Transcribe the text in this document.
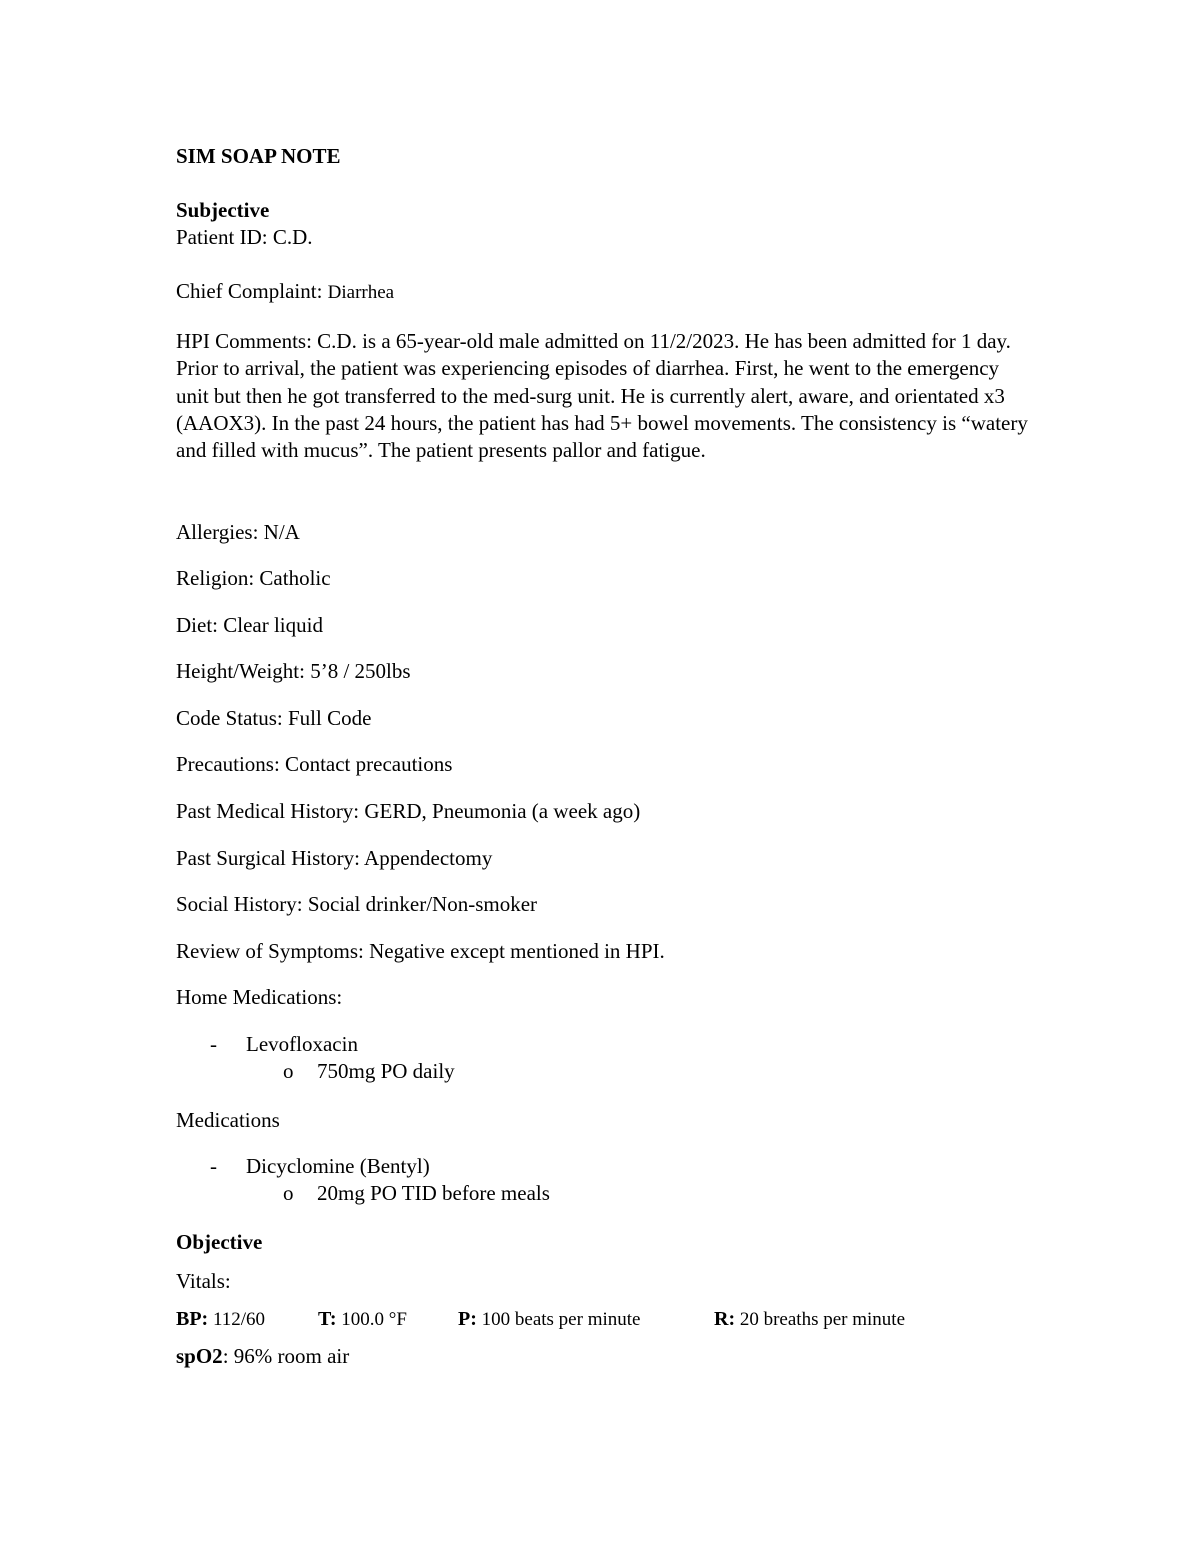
SIM SOAP NOTE
Subjective
Patient ID: C.D.
Chief Complaint: Diarrhea
HPI Comments: C.D. is a 65-year-old male admitted on 11/2/2023. He has been admitted for 1 day. Prior to arrival, the patient was experiencing episodes of diarrhea. First, he went to the emergency unit but then he got transferred to the med-surg unit. He is currently alert, aware, and orientated x3 (AAOX3). In the past 24 hours, the patient has had 5+ bowel movements. The consistency is “watery and filled with mucus”. The patient presents pallor and fatigue.
Allergies: N/A
Religion: Catholic
Diet: Clear liquid
Height/Weight: 5’8 / 250lbs
Code Status: Full Code
Precautions: Contact precautions
Past Medical History: GERD, Pneumonia (a week ago)
Past Surgical History: Appendectomy
Social History: Social drinker/Non-smoker
Review of Symptoms: Negative except mentioned in HPI.
Home Medications:
- Levofloxacin
o 750mg PO daily
Medications
- Dicyclomine (Bentyl)
o 20mg PO TID before meals
Objective
Vitals:
BP: 112/60	T: 100.0 °F	P: 100 beats per minute	R: 20 breaths per minute
spO2: 96% room air
